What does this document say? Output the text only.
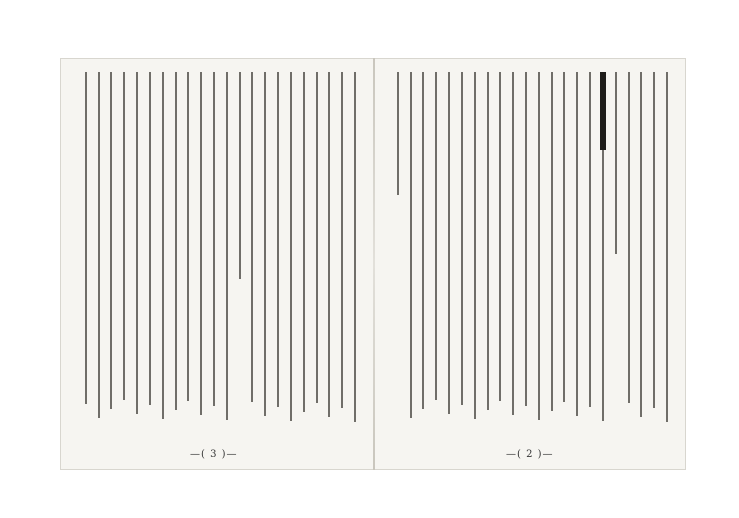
—( 3 )—	—( 2 )—
